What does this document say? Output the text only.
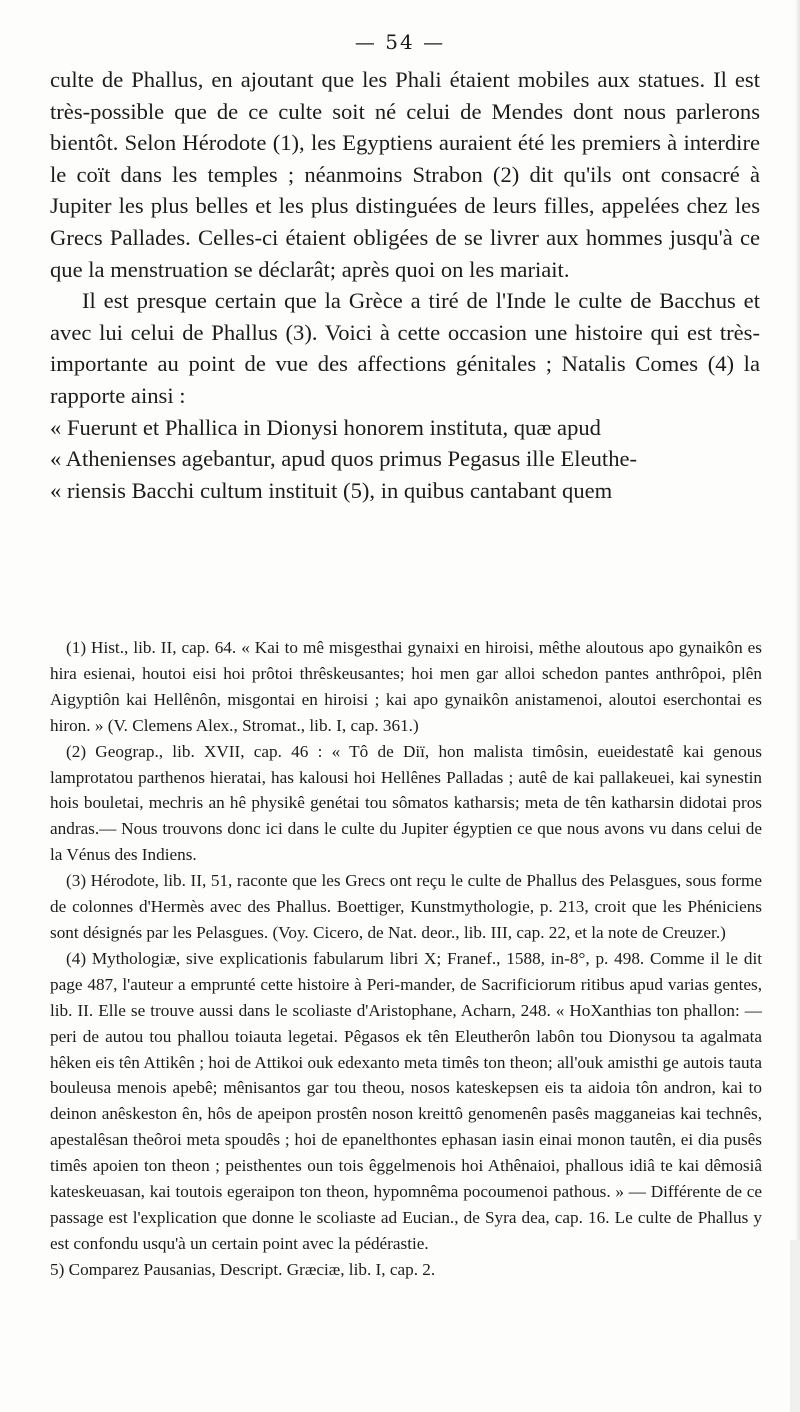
— 54 —

culte de Phallus, en ajoutant que les Phali étaient mobiles aux statues. Il est très-possible que de ce culte soit né celui de Mendes dont nous parlerons bientôt. Selon Hérodote (1), les Egyptiens auraient été les premiers à interdire le coït dans les temples ; néanmoins Strabon (2) dit qu'ils ont consacré à Jupiter les plus belles et les plus distinguées de leurs filles, appelées chez les Grecs Pallades. Celles-ci étaient obligées de se livrer aux hommes jusqu'à ce que la menstruation se déclarât; après quoi on les mariait.

Il est presque certain que la Grèce a tiré de l'Inde le culte de Bacchus et avec lui celui de Phallus (3). Voici à cette occasion une histoire qui est très-importante au point de vue des affections génitales ; Natalis Comes (4) la rapporte ainsi :

« Fuerunt et Phallica in Dionysi honorem instituta, quæ apud
« Athenienses agebantur, apud quos primus Pegasus ille Eleuthe-
« riensis Bacchi cultum instituit (5), in quibus cantabant quem

(1) Hist., lib. II, cap. 64. « Kai to mê misgesthai gynaixi en hiroisi, mêthe aloutous apo gynaikôn es hira esienai, houtoi eisi hoi prôtoi thrêskeusantes; hoi men gar alloi schedon pantes anthrôpoi, plên Aigyptiôn kai Hellênôn, misgontai en hiroisi ; kai apo gynaikôn anistamenoi, aloutoi eserchontai es hiron. » (V. Clemens Alex., Stromat., lib. I, cap. 361.)

(2) Geograp., lib. XVII, cap. 46 : « Tô de Diï, hon malista timôsin, eueidestatê kai genous lamprotatou parthenos hieratai, has kalousi hoi Hellênes Palladas ; autê de kai pallakeuei, kai synestin hois bouletai, mechris an hê physikê genétai tou sômatos katharsis; meta de tên katharsin didotai pros andras.— Nous trouvons donc ici dans le culte du Jupiter égyptien ce que nous avons vu dans celui de la Vénus des Indiens.

(3) Hérodote, lib. II, 51, raconte que les Grecs ont reçu le culte de Phallus des Pelasgues, sous forme de colonnes d'Hermès avec des Phallus. Boettiger, Kunstmythologie, p. 213, croit que les Phéniciens sont désignés par les Pelasgues. (Voy. Cicero, de Nat. deor., lib. III, cap. 22, et la note de Creuzer.)

(4) Mythologiæ, sive explicationis fabularum libri X; Franef., 1588, in-8°, p. 498. Comme il le dit page 487, l'auteur a emprunté cette histoire à Peri-mander, de Sacrificiorum ritibus apud varias gentes, lib. II. Elle se trouve aussi dans le scoliaste d'Aristophane, Acharn, 248. « HoXanthias ton phallon: — peri de autou tou phallou toiauta legetai. Pêgasos ek tên Eleutherôn labôn tou Dionysou ta agalmata hêken eis tên Attikên ; hoi de Attikoi ouk edexanto meta timês ton theon; all'ouk amisthi ge autois tauta bouleusa menois apebê; mênisantos gar tou theou, nosos kateskepsen eis ta aidoia tôn andron, kai to deinon anêskeston ên, hôs de apeipon prostên noson kreittô genomenên pasês magganeias kai technês, apestalêsan theôroi meta spoudês ; hoi de epanelthontes ephasan iasin einai monon tautên, ei dia pusês timês apoien ton theon ; peisthentes oun tois êggelmenois hoi Athênaioi, phallous idiâ te kai dêmosiâ kateskeuasan, kai toutois egeraipon ton theon, hypomnêma pocoumenoi pathous. » — Différente de ce passage est l'explication que donne le scoliaste ad Eucian., de Syra dea, cap. 16. Le culte de Phallus y est confondu usqu'à un certain point avec la pédérastie.

5) Comparez Pausanias, Descript. Græciæ, lib. I, cap. 2.
